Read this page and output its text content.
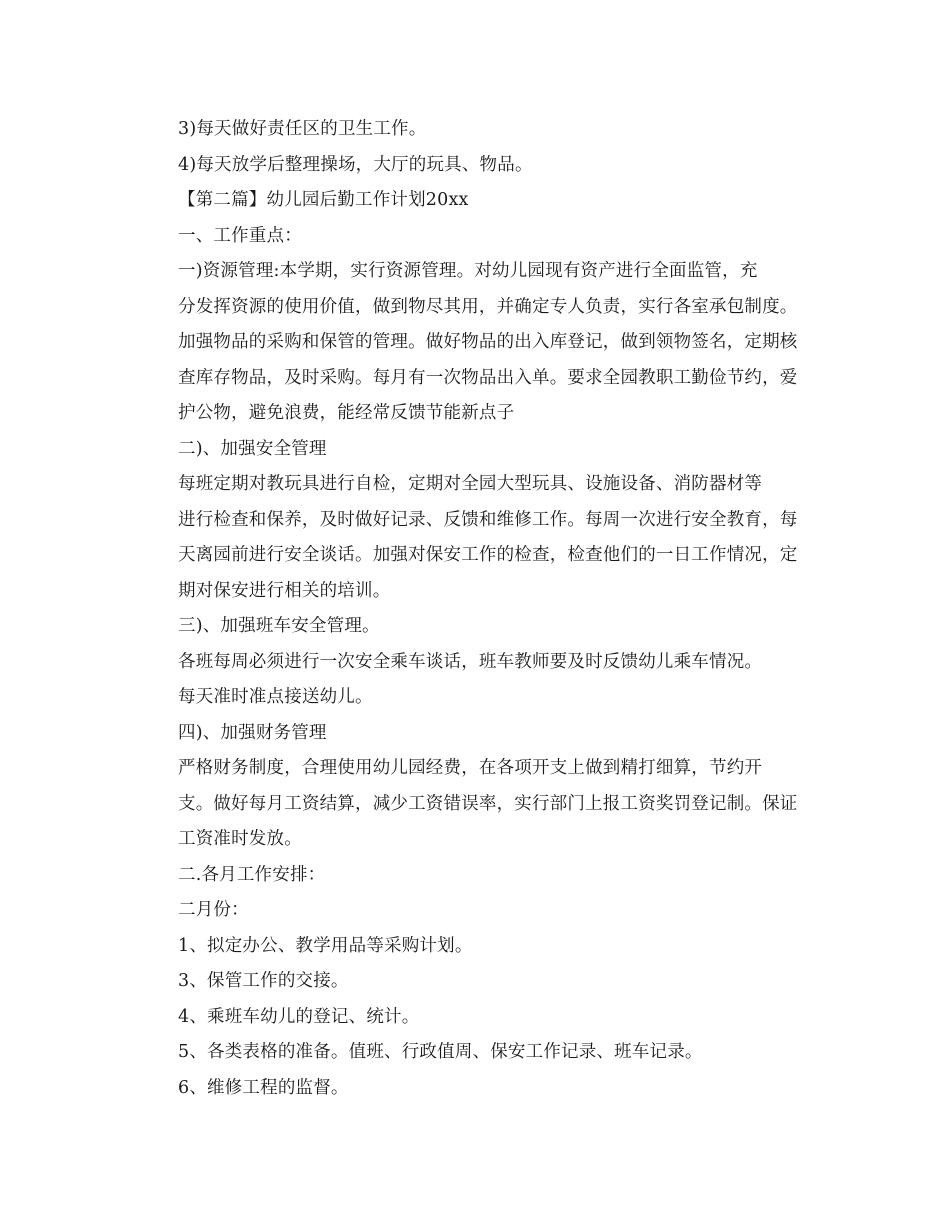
3)每天做好责任区的卫生工作。

4)每天放学后整理操场，大厅的玩具、物品。

【第二篇】幼儿园后勤工作计划20xx

一、工作重点：

一)资源管理:本学期，实行资源管理。对幼儿园现有资产进行全面监管，充
分发挥资源的使用价值，做到物尽其用，并确定专人负责，实行各室承包制度。
加强物品的采购和保管的管理。做好物品的出入库登记，做到领物签名，定期核
查库存物品，及时采购。每月有一次物品出入单。要求全园教职工勤俭节约，爱
护公物，避免浪费，能经常反馈节能新点子

二)、加强安全管理

每班定期对教玩具进行自检，定期对全园大型玩具、设施设备、消防器材等
进行检查和保养，及时做好记录、反馈和维修工作。每周一次进行安全教育，每
天离园前进行安全谈话。加强对保安工作的检查，检查他们的一日工作情况，定
期对保安进行相关的培训。

三)、加强班车安全管理。

各班每周必须进行一次安全乘车谈话，班车教师要及时反馈幼儿乘车情况。
每天准时准点接送幼儿。

四)、加强财务管理

严格财务制度，合理使用幼儿园经费，在各项开支上做到精打细算，节约开
支。做好每月工资结算，减少工资错误率，实行部门上报工资奖罚登记制。保证
工资准时发放。

二.各月工作安排：

二月份：

1、拟定办公、教学用品等采购计划。

3、保管工作的交接。

4、乘班车幼儿的登记、统计。

5、各类表格的准备。值班、行政值周、保安工作记录、班车记录。

6、维修工程的监督。
